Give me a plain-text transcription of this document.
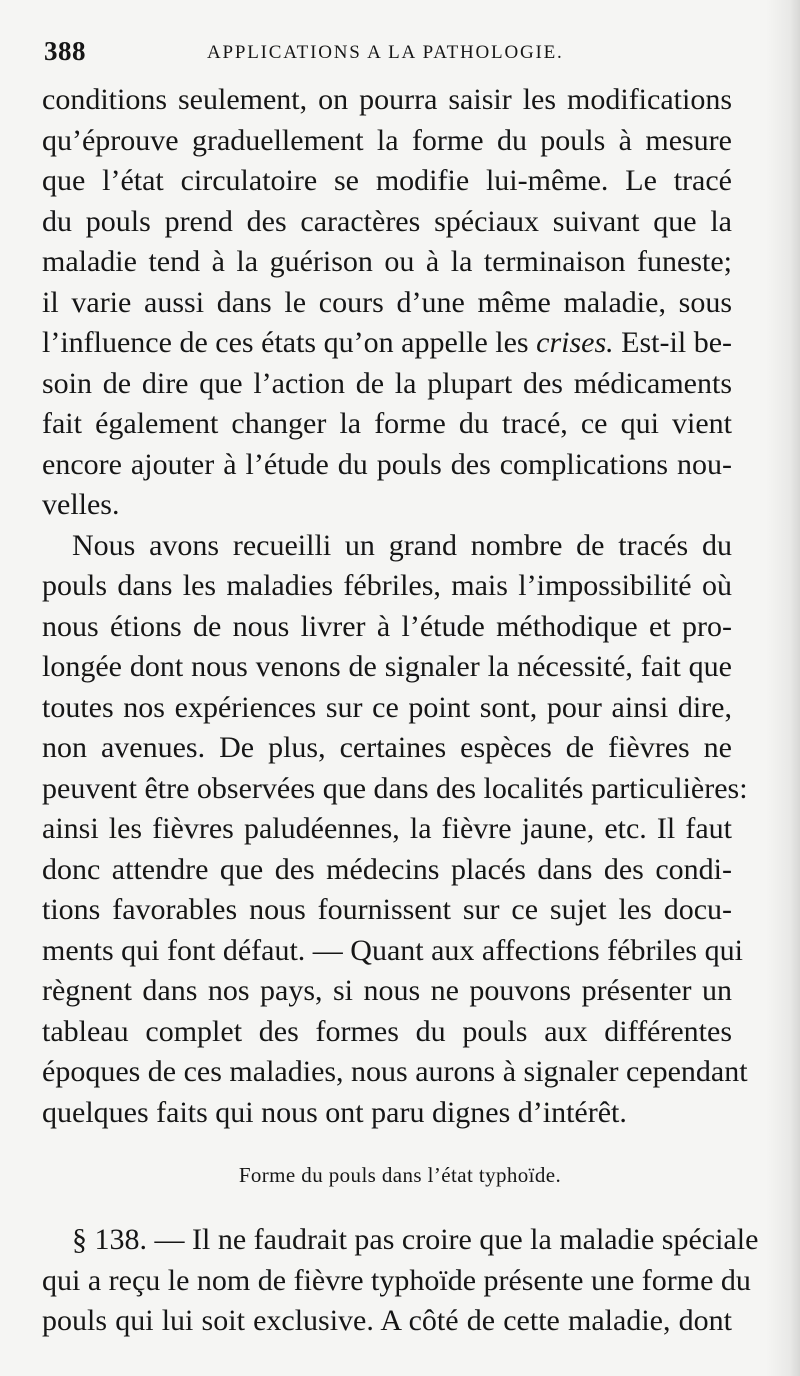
388	APPLICATIONS A LA PATHOLOGIE.
conditions seulement, on pourra saisir les modifications
qu’éprouve graduellement la forme du pouls à mesure
que l’état circulatoire se modifie lui-même. Le tracé
du pouls prend des caractères spéciaux suivant que la
maladie tend à la guérison ou à la terminaison funeste;
il varie aussi dans le cours d’une même maladie, sous
l’influence de ces états qu’on appelle les crises. Est-il be-
soin de dire que l’action de la plupart des médicaments
fait également changer la forme du tracé, ce qui vient
encore ajouter à l’étude du pouls des complications nou-
velles.
Nous avons recueilli un grand nombre de tracés du
pouls dans les maladies fébriles, mais l’impossibilité où
nous étions de nous livrer à l’étude méthodique et pro-
longée dont nous venons de signaler la nécessité, fait que
toutes nos expériences sur ce point sont, pour ainsi dire,
non avenues. De plus, certaines espèces de fièvres ne
peuvent être observées que dans des localités particulières:
ainsi les fièvres paludéennes, la fièvre jaune, etc. Il faut
donc attendre que des médecins placés dans des condi-
tions favorables nous fournissent sur ce sujet les docu-
ments qui font défaut. — Quant aux affections fébriles qui
règnent dans nos pays, si nous ne pouvons présenter un
tableau complet des formes du pouls aux différentes
époques de ces maladies, nous aurons à signaler cependant
quelques faits qui nous ont paru dignes d’intérêt.
Forme du pouls dans l’état typhoïde.
§ 138. — Il ne faudrait pas croire que la maladie spéciale
qui a reçu le nom de fièvre typhoïde présente une forme du
pouls qui lui soit exclusive. A côté de cette maladie, dont
